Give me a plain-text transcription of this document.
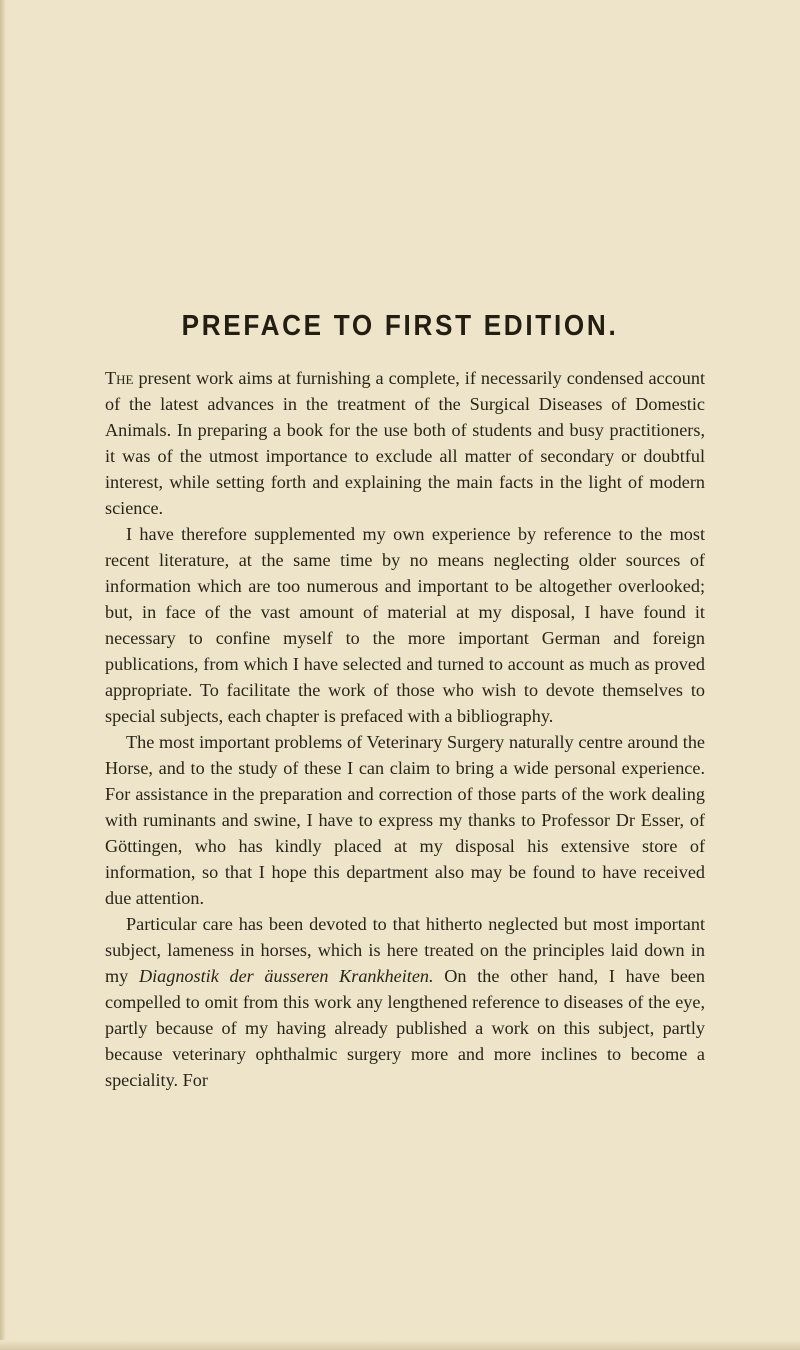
PREFACE TO FIRST EDITION.

The present work aims at furnishing a complete, if necessarily condensed account of the latest advances in the treatment of the Surgical Diseases of Domestic Animals. In preparing a book for the use both of students and busy practitioners, it was of the utmost importance to exclude all matter of secondary or doubtful interest, while setting forth and explaining the main facts in the light of modern science.

I have therefore supplemented my own experience by reference to the most recent literature, at the same time by no means neglecting older sources of information which are too numerous and important to be altogether overlooked; but, in face of the vast amount of material at my disposal, I have found it necessary to confine myself to the more important German and foreign publications, from which I have selected and turned to account as much as proved appropriate. To facilitate the work of those who wish to devote themselves to special subjects, each chapter is prefaced with a bibliography.

The most important problems of Veterinary Surgery naturally centre around the Horse, and to the study of these I can claim to bring a wide personal experience. For assistance in the preparation and correction of those parts of the work dealing with ruminants and swine, I have to express my thanks to Professor Dr Esser, of Göttingen, who has kindly placed at my disposal his extensive store of information, so that I hope this department also may be found to have received due attention.

Particular care has been devoted to that hitherto neglected but most important subject, lameness in horses, which is here treated on the principles laid down in my Diagnostik der äusseren Krankheiten. On the other hand, I have been compelled to omit from this work any lengthened reference to diseases of the eye, partly because of my having already published a work on this subject, partly because veterinary ophthalmic surgery more and more inclines to become a speciality. For
